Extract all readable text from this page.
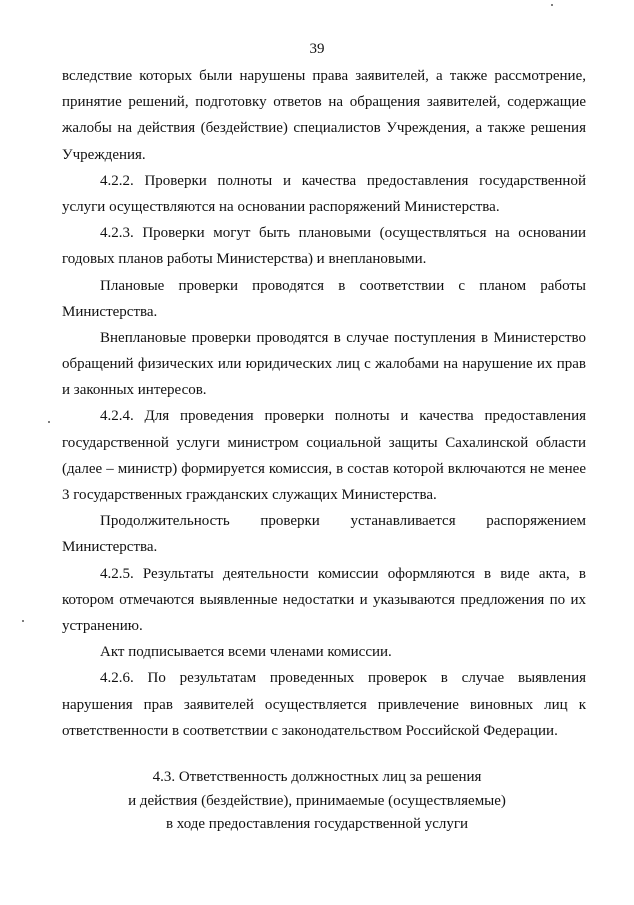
39
вследствие которых были нарушены права заявителей, а также рассмотрение,
принятие решений, подготовку ответов на обращения заявителей, содержащие
жалобы на действия (бездействие) специалистов Учреждения, а также решения
Учреждения.
4.2.2. Проверки полноты и качества предоставления государственной
услуги осуществляются на основании распоряжений Министерства.
4.2.3. Проверки могут быть плановыми (осуществляться на основании
годовых планов работы Министерства) и внеплановыми.
Плановые проверки проводятся в соответствии с планом работы
Министерства.
Внеплановые проверки проводятся в случае поступления в Министерство
обращений физических или юридических лиц с жалобами на нарушение их прав
и законных интересов.
4.2.4. Для проведения проверки полноты и качества предоставления
государственной услуги министром социальной защиты Сахалинской области
(далее – министр) формируется комиссия, в состав которой включаются не менее
3 государственных гражданских служащих Министерства.
Продолжительность проверки устанавливается распоряжением
Министерства.
4.2.5. Результаты деятельности комиссии оформляются в виде акта, в
котором отмечаются выявленные недостатки и указываются предложения по их
устранению.
Акт подписывается всеми членами комиссии.
4.2.6. По результатам проведенных проверок в случае выявления
нарушения прав заявителей осуществляется привлечение виновных лиц к
ответственности в соответствии с законодательством Российской Федерации.
4.3. Ответственность должностных лиц за решения
и действия (бездействие), принимаемые (осуществляемые)
в ходе предоставления государственной услуги
